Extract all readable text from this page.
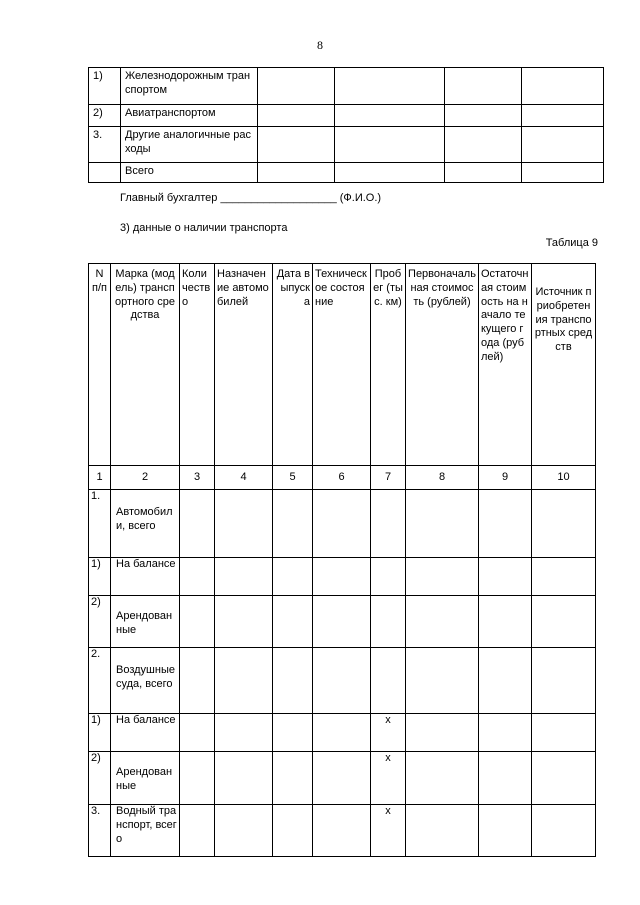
8
1)	Железнодорожным транспортом				
2)	Авиатранспортом				
3.	Другие аналогичные расходы				
	Всего				
Главный бухгалтер ___________________ (Ф.И.О.)
3) данные о наличии транспорта
Таблица 9
N п/п	Марка (модель) транспортного средства	Количество	Назначение автомобилей	Дата выпуска	Техническое состояние	Пробег (тыс. км)	Первоначальная стоимость (рублей)	Остаточная стоимость на начало текущего года (рублей)	Источник приобретения транспортных средств
1	2	3	4	5	6	7	8	9	10
1.	Автомобили, всего								
1)	На балансе								
2)	Арендованные								
2.	Воздушные суда, всего								
1)	На балансе					x			
2)	Арендованные					x			
3.	Водный транспорт, всего					x			
